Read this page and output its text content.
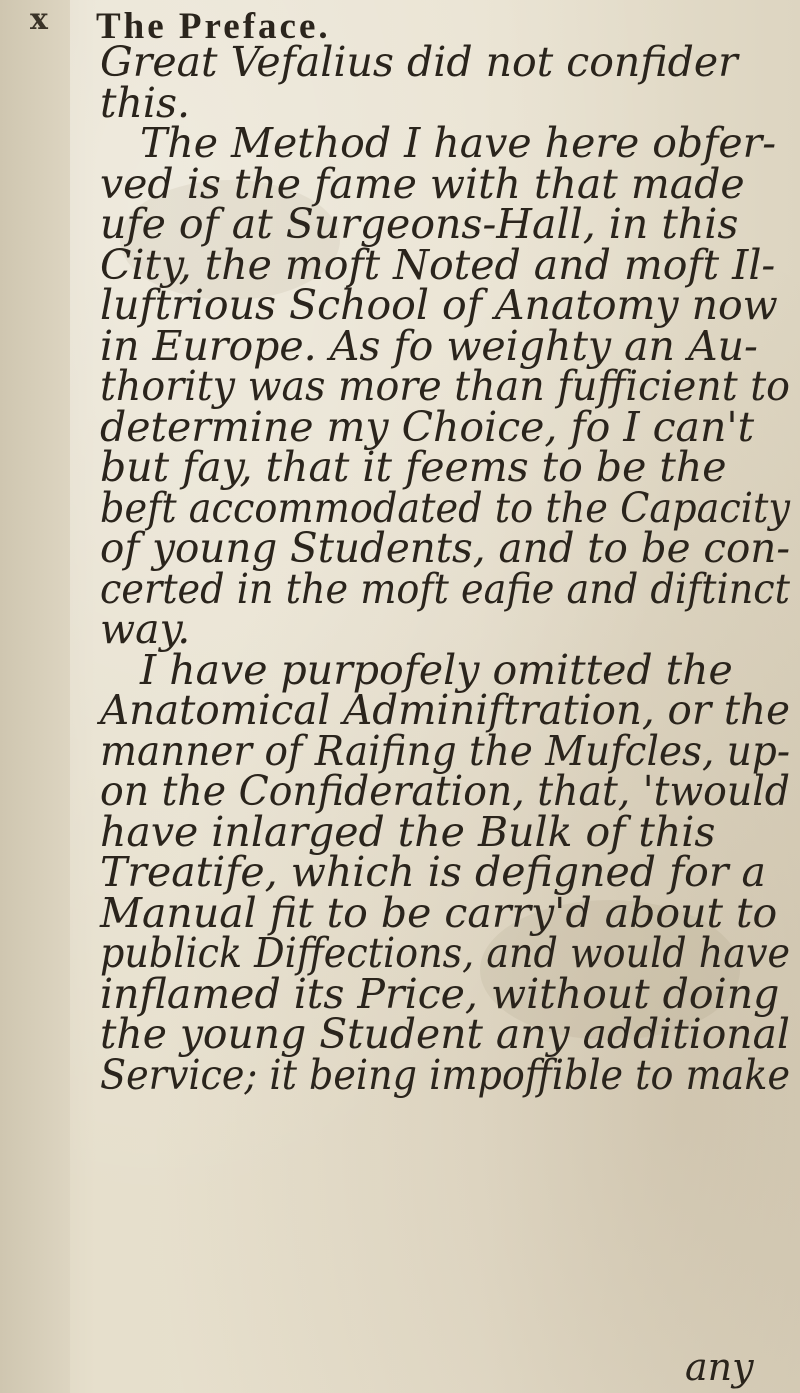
x The Preface.
Great Vefalius did not confider
this.
The Method I have here obfer-
ved is the fame with that made
ufe of at Surgeons-Hall, in this
City, the moft Noted and moft Il-
luftrious School of Anatomy now
in Europe. As fo weighty an Au-
thority was more than fufficient to
determine my Choice, fo I can't
but fay, that it feems to be the
beft accommodated to the Capacity
of young Students, and to be con-
certed in the moft eafie and diftinct
way.
I have purpofely omitted the
Anatomical Adminiftration, or the
manner of Raifing the Mufcles, up-
on the Confideration, that, 'twould
have inlarged the Bulk of this
Treatife, which is defigned for a
Manual fit to be carry'd about to
publick Diffections, and would have
inflamed its Price, without doing
the young Student any additional
Service; it being impoffible to make
any
